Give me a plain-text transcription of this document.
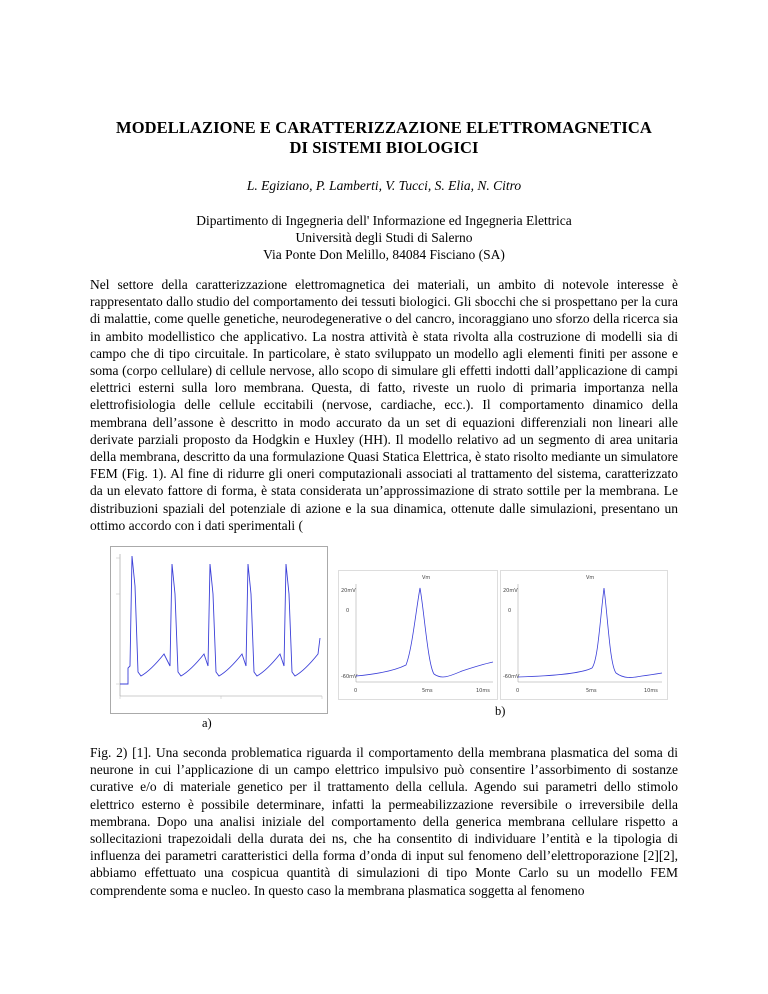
MODELLAZIONE E CARATTERIZZAZIONE ELETTROMAGNETICA
DI SISTEMI BIOLOGICI
L. Egiziano, P. Lamberti, V. Tucci, S. Elia, N. Citro
Dipartimento di Ingegneria dell' Informazione ed Ingegneria Elettrica
Università degli Studi di Salerno
Via Ponte Don Melillo, 84084 Fisciano (SA)
Nel settore della caratterizzazione elettromagnetica dei materiali, un ambito di notevole interesse è rappresentato dallo studio del comportamento dei tessuti biologici. Gli sbocchi che si prospettano per la cura di malattie, come quelle genetiche, neurodegenerative o del cancro, incoraggiano uno sforzo della ricerca sia in ambito modellistico che applicativo. La nostra attività è stata rivolta alla costruzione di modelli sia di campo che di tipo circuitale. In particolare, è stato sviluppato un modello agli elementi finiti per assone e soma (corpo cellulare) di cellule nervose, allo scopo di simulare gli effetti indotti dall’applicazione di campi elettrici esterni sulla loro membrana. Questa, di fatto, riveste un ruolo di primaria importanza nella elettrofisiologia delle cellule eccitabili (nervose, cardiache, ecc.). Il comportamento dinamico della membrana dell’assone è descritto in modo accurato da un set di equazioni differenziali non lineari alle derivate parziali proposto da Hodgkin e Huxley (HH). Il modello relativo ad un segmento di area unitaria della membrana, descritto da una formulazione Quasi Statica Elettrica, è stato risolto mediante un simulatore FEM (Fig. 1). Al fine di ridurre gli oneri computazionali associati al trattamento del sistema, caratterizzato da un elevato fattore di forma, è stata considerata un’approssimazione di strato sottile per la membrana. Le distribuzioni spaziali del potenziale di azione e la sua dinamica, ottenute dalle simulazioni, presentano un ottimo accordo con i dati sperimentali (
a)
Vm
20mV
0
-60mV
0	5ms	10ms
Vm
20mV
0
-60mV
0	5ms	10ms
b)
Fig. 2) [1]. Una seconda problematica riguarda il comportamento della membrana plasmatica del soma di neurone in cui l’applicazione di un campo elettrico impulsivo può consentire l’assorbimento di sostanze curative e/o di materiale genetico per il trattamento della cellula. Agendo sui parametri dello stimolo elettrico esterno è possibile determinare, infatti la permeabilizzazione reversibile o irreversibile della membrana. Dopo una analisi iniziale del comportamento della generica membrana cellulare rispetto a sollecitazioni trapezoidali della durata dei ns, che ha consentito di individuare l’entità e la tipologia di influenza dei parametri caratteristici della forma d’onda di input sul fenomeno dell’elettroporazione [2][2], abbiamo effettuato una cospicua quantità di simulazioni di tipo Monte Carlo su un modello FEM comprendente soma e nucleo. In questo caso la membrana plasmatica soggetta al fenomeno
